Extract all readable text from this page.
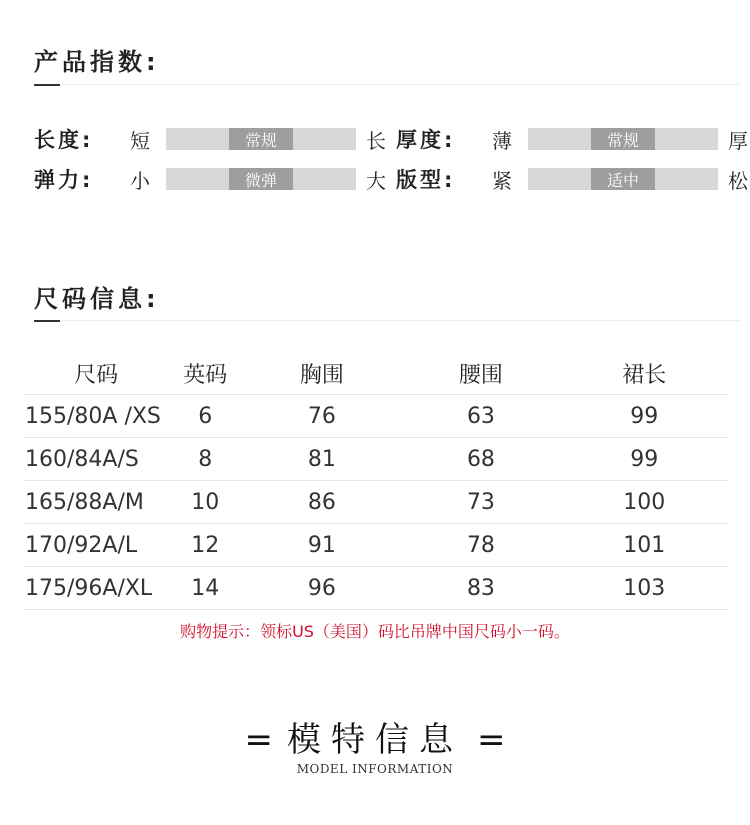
产品指数:
长度:	短	常规	长 厚度:	薄	常规	厚
弹力:	小	微弹	大 版型:	紧	适中	松
尺码信息:
尺码	英码	胸围	腰围	裙长
155/80A /XS	6	76	63	99
160/84A/S	8	81	68	99
165/88A/M	10	86	73	100
170/92A/L	12	91	78	101
175/96A/XL	14	96	83	103
购物提示：领标US（美国）码比吊牌中国尺码小一码。
= 模特信息 =
MODEL INFORMATION
